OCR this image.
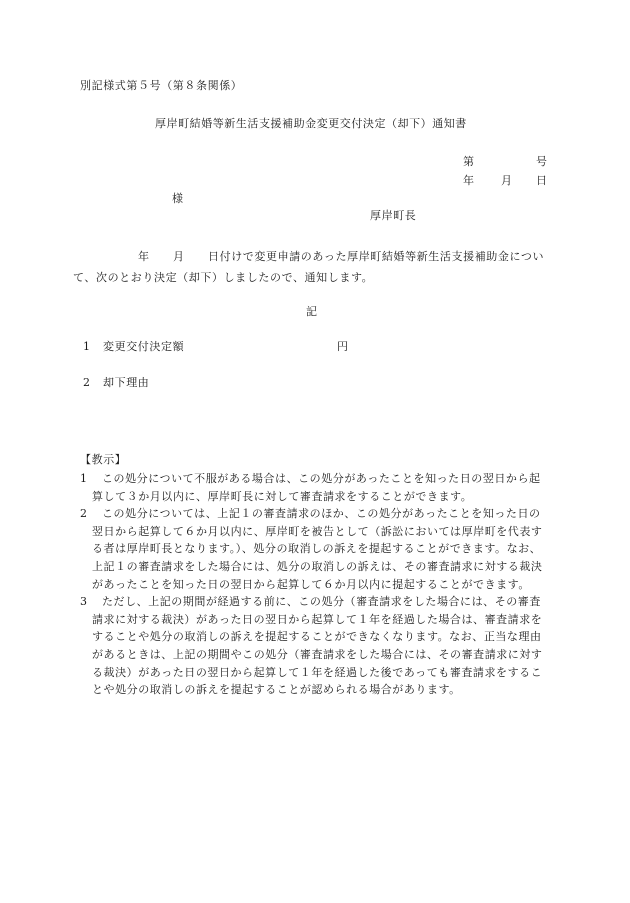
別記様式第５号（第８条関係）
厚岸町結婚等新生活支援補助金変更交付決定（却下）通知書
第	号
年 月 日
様
厚岸町長
年 月 日付けで変更申請のあった厚岸町結婚等新生活支援補助金につい
て、次のとおり決定（却下）しましたので、通知します。
記
1 変更交付決定額	円
2 却下理由
【教示】
1 この処分について不服がある場合は、この処分があったことを知った日の翌日から起
算して３か月以内に、厚岸町長に対して審査請求をすることができます。
2 この処分については、上記１の審査請求のほか、この処分があったことを知った日の
翌日から起算して６か月以内に、厚岸町を被告として（訴訟においては厚岸町を代表す
る者は厚岸町長となります。）、処分の取消しの訴えを提起することができます。なお、
上記１の審査請求をした場合には、処分の取消しの訴えは、その審査請求に対する裁決
があったことを知った日の翌日から起算して６か月以内に提起することができます。
3 ただし、上記の期間が経過する前に、この処分（審査請求をした場合には、その審査
請求に対する裁決）があった日の翌日から起算して１年を経過した場合は、審査請求を
することや処分の取消しの訴えを提起することができなくなります。なお、正当な理由
があるときは、上記の期間やこの処分（審査請求をした場合には、その審査請求に対す
る裁決）があった日の翌日から起算して１年を経過した後であっても審査請求をするこ
とや処分の取消しの訴えを提起することが認められる場合があります。
